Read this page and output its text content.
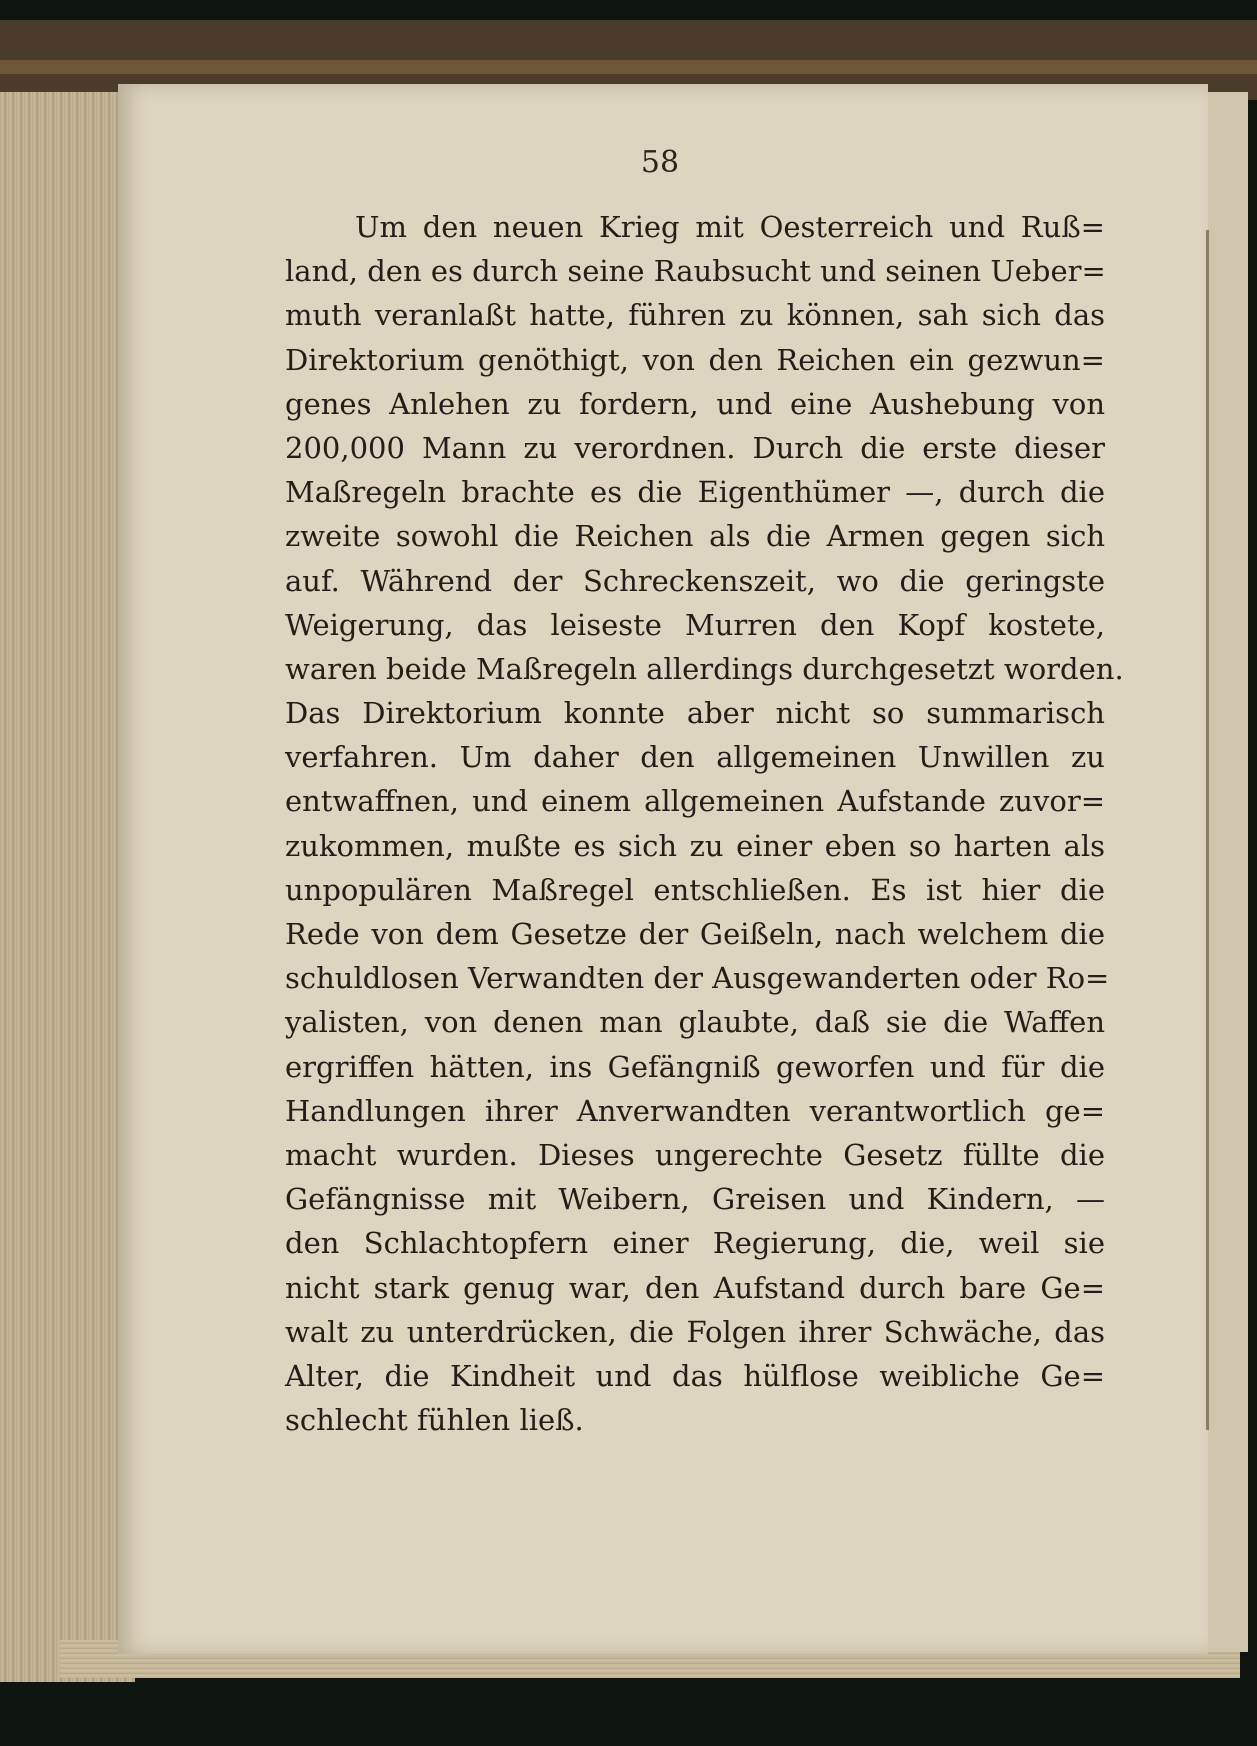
58
Um den neuen Krieg mit Oesterreich und Ruß=
land, den es durch seine Raubsucht und seinen Ueber=
muth veranlaßt hatte, führen zu können, sah sich das
Direktorium genöthigt, von den Reichen ein gezwun=
genes Anlehen zu fordern, und eine Aushebung von
200,000 Mann zu verordnen. Durch die erste dieser
Maßregeln brachte es die Eigenthümer —, durch die
zweite sowohl die Reichen als die Armen gegen sich
auf. Während der Schreckenszeit, wo die geringste
Weigerung, das leiseste Murren den Kopf kostete,
waren beide Maßregeln allerdings durchgesetzt worden.
Das Direktorium konnte aber nicht so summarisch
verfahren. Um daher den allgemeinen Unwillen zu
entwaffnen, und einem allgemeinen Aufstande zuvor=
zukommen, mußte es sich zu einer eben so harten als
unpopulären Maßregel entschließen. Es ist hier die
Rede von dem Gesetze der Geißeln, nach welchem die
schuldlosen Verwandten der Ausgewanderten oder Ro=
yalisten, von denen man glaubte, daß sie die Waffen
ergriffen hätten, ins Gefängniß geworfen und für die
Handlungen ihrer Anverwandten verantwortlich ge=
macht wurden. Dieses ungerechte Gesetz füllte die
Gefängnisse mit Weibern, Greisen und Kindern, —
den Schlachtopfern einer Regierung, die, weil sie
nicht stark genug war, den Aufstand durch bare Ge=
walt zu unterdrücken, die Folgen ihrer Schwäche, das
Alter, die Kindheit und das hülflose weibliche Ge=
schlecht fühlen ließ.
